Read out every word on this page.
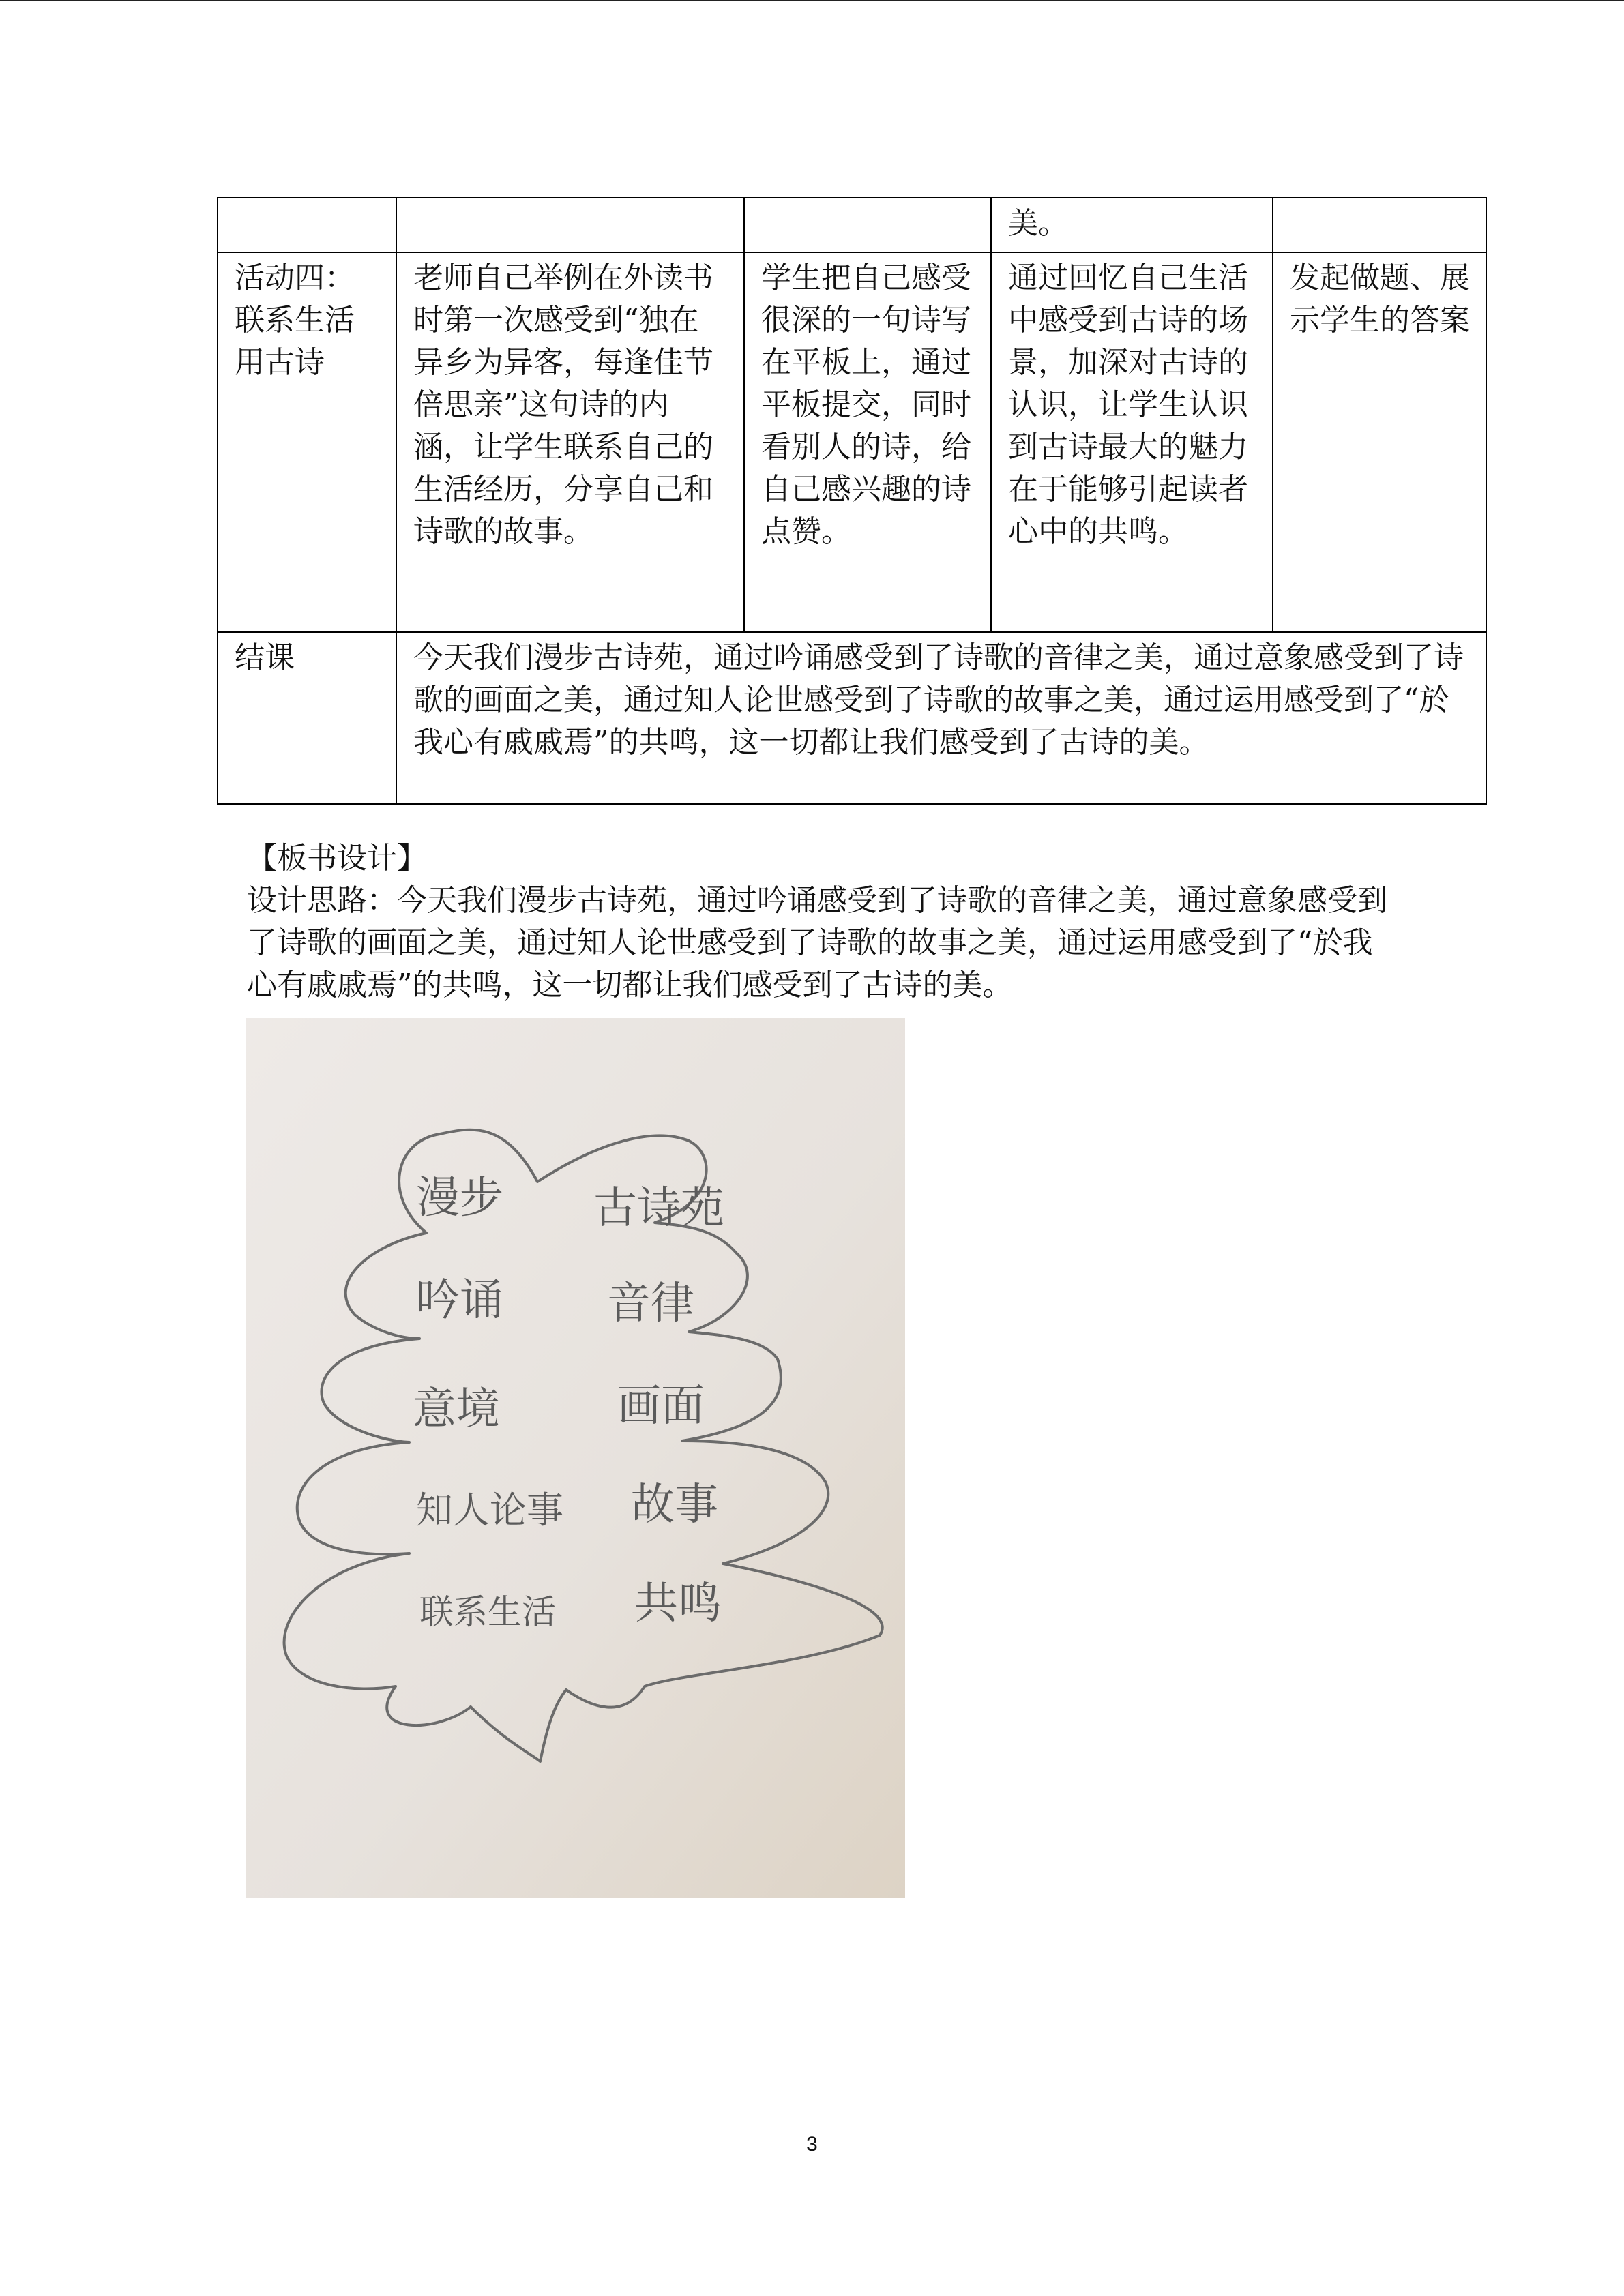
			美。	
活动四：联系生活用古诗	老师自己举例在外读书时第一次感受到“独在异乡为异客，每逢佳节倍思亲”这句诗的内涵，让学生联系自己的生活经历，分享自己和诗歌的故事。	学生把自己感受很深的一句诗写在平板上，通过平板提交，同时看别人的诗，给自己感兴趣的诗点赞。	通过回忆自己生活中感受到古诗的场景，加深对古诗的认识，让学生认识到古诗最大的魅力在于能够引起读者心中的共鸣。	发起做题、展示学生的答案
结课	今天我们漫步古诗苑，通过吟诵感受到了诗歌的音律之美，通过意象感受到了诗歌的画面之美，通过知人论世感受到了诗歌的故事之美，通过运用感受到了“於我心有戚戚焉”的共鸣，这一切都让我们感受到了古诗的美。			
【板书设计】

设计思路：今天我们漫步古诗苑，通过吟诵感受到了诗歌的音律之美，通过意象感受到了诗歌的画面之美，通过知人论世感受到了诗歌的故事之美，通过运用感受到了“於我心有戚戚焉”的共鸣，这一切都让我们感受到了古诗的美。

漫步 古诗苑
吟诵 音律
意境	画面
知人论事 故事
联系生活 共鸣
3
